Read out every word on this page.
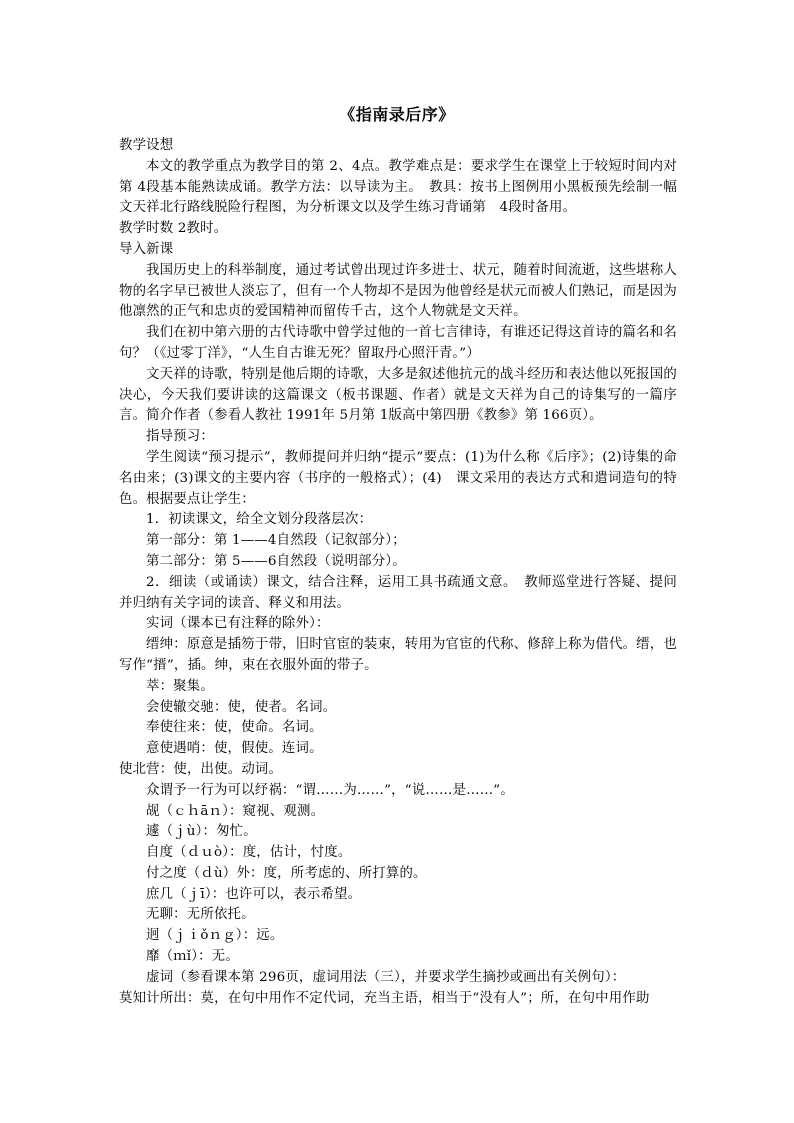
《指南录后序》

教学设想

本文的教学重点为教学目的第 2、4点。教学难点是：要求学生在课堂上于较短时间内对第 4段基本能熟读成诵。教学方法：以导读为主。　教具：按书上图例用小黑板预先绘制一幅文天祥北行路线脱险行程图，为分析课文以及学生练习背诵第　4段时备用。

教学时数 2教时。

导入新课

我国历史上的科举制度，通过考试曾出现过许多进士、状元，随着时间流逝，这些堪称人物的名字早已被世人淡忘了，但有一个人物却不是因为他曾经是状元而被人们熟记，而是因为他凛然的正气和忠贞的爱国精神而留传千古，这个人物就是文天祥。

我们在初中第六册的古代诗歌中曾学过他的一首七言律诗，有谁还记得这首诗的篇名和名句？（《过零丁洋》，“人生自古谁无死？留取丹心照汗青。”）

文天祥的诗歌，特别是他后期的诗歌，大多是叙述他抗元的战斗经历和表达他以死报国的决心，今天我们要讲读的这篇课文（板书课题、作者）就是文天祥为自己的诗集写的一篇序言。简介作者（参看人教社 1991年 5月第 1版高中第四册《教参》第 166页）。

指导预习：

学生阅读“预习提示”，教师提问并归纳“提示”要点：(1)为什么称《后序》；(2)诗集的命名由来；(3)课文的主要内容（书序的一般格式）；(4)　课文采用的表达方式和遣词造句的特色。根据要点让学生：

1．初读课文，给全文划分段落层次：

第一部分：第 1——4自然段（记叙部分）；

第二部分：第 5——6自然段（说明部分）。

2．细读（或诵读）课文，结合注释，运用工具书疏通文意。　教师巡堂进行答疑、提问并归纳有关字词的读音、释义和用法。

实词（课本已有注释的除外）：

缙绅：原意是插笏于带，旧时官宦的装束，转用为官宦的代称、修辞上称为借代。缙，也写作“搢”，插。绅，束在衣服外面的带子。

萃：聚集。

会使辙交驰：使，使者。名词。

奉使往来：使，使命。名词。

意使遇哨：使，假使。连词。

使北营：使，出使。动词。

众谓予一行为可以纾祸：“谓……为……”，“说……是……”。

觇（ｃｈāｎ）：窥视、观测。

遽（ｊù）：匆忙。

自度（ｄｕò）：度，估计，忖度。

付之度（ｄù）外：度，所考虑的、所打算的。

庶几（ｊī）：也许可以，表示希望。

无聊：无所依托。

迥（ｊｉǒｎｇ）：远。

靡（ｍǐ）：无。

虚词（参看课本第 296页，虚词用法（三），并要求学生摘抄或画出有关例句）：

莫知计所出：莫，在句中用作不定代词，充当主语，相当于“没有人”；所，在句中用作助
